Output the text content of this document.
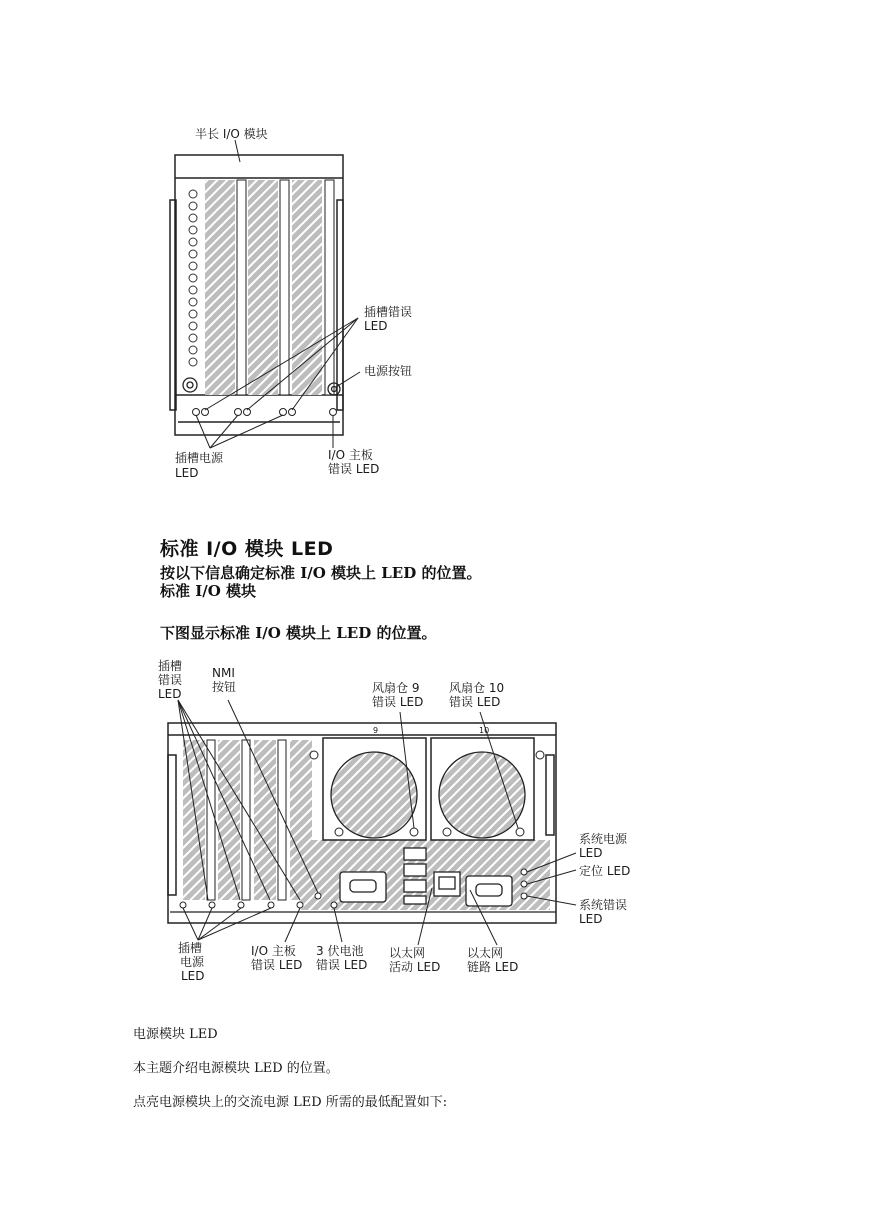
半长 I/O 模块
插槽错误
LED
电源按钮
插槽电源
LED
I/O 主板
错误 LED
标准 I/O 模块 LED
按以下信息确定标准 I/O 模块上 LED 的位置。
标准 I/O 模块
下图显示标准 I/O 模块上 LED 的位置。
插槽
错误
LED
NMI
按钮	风扇仓 9
错误 LED
风扇仓 10
错误 LED
9	10
系统电源
LED
定位 LED
系统错误
LED
插槽
电源
LED
I/O 主板
错误 LED
3 伏电池
错误 LED
以太网
活动 LED
以太网
链路 LED
电源模块 LED
本主题介绍电源模块 LED 的位置。
点亮电源模块上的交流电源 LED 所需的最低配置如下:
